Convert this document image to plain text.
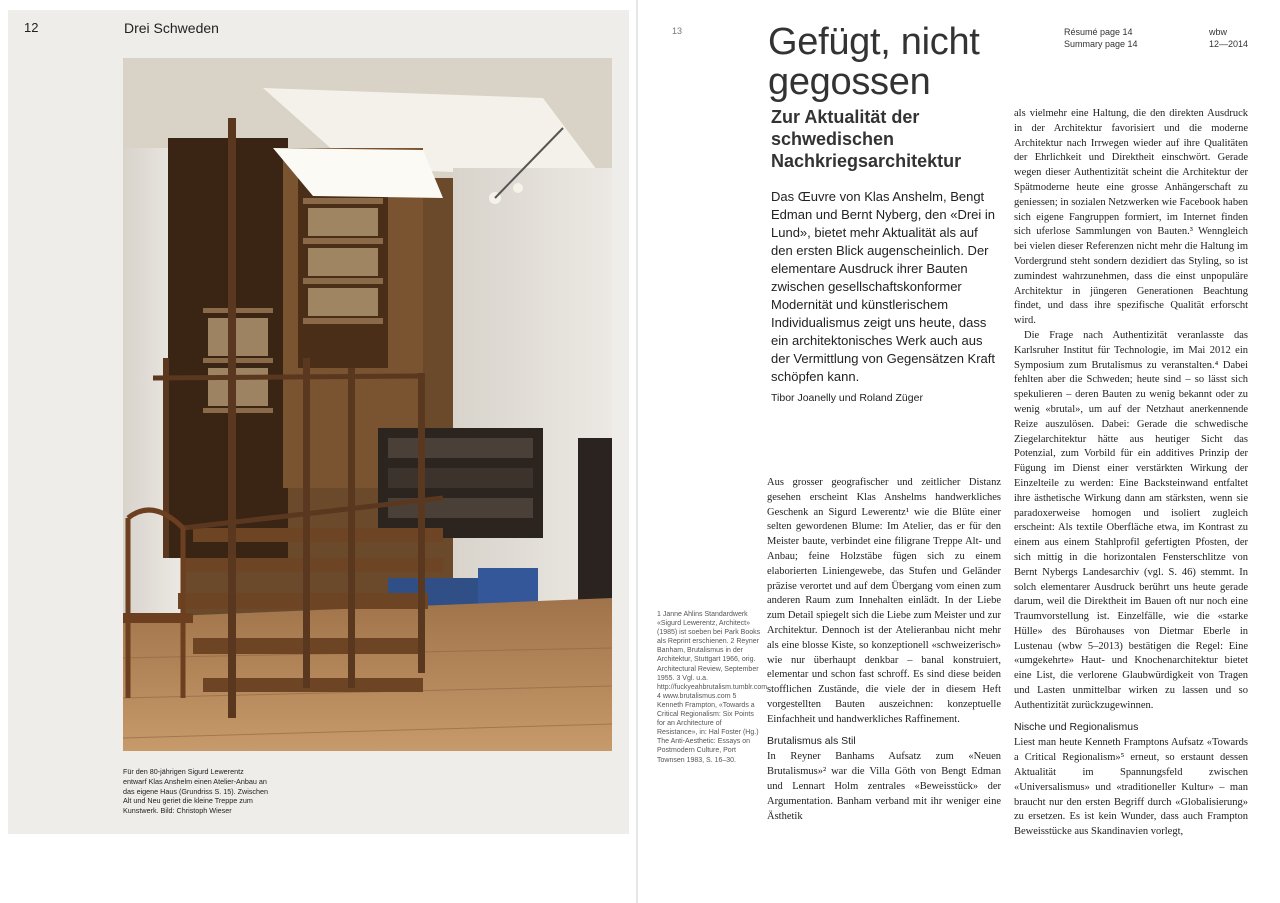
12	Drei Schweden
Für den 80-jährigen Sigurd Lewerentz entwarf Klas Anshelm einen Atelier-Anbau an das eigene Haus (Grundriss S. 15). Zwischen Alt und Neu geriet die kleine Treppe zum Kunstwerk. Bild: Christoph Wieser
13 Gefügt, nicht gegossen
Zur Aktualität der schwedischen Nachkriegsarchitektur
Das Œuvre von Klas Anshelm, Bengt Edman und Bernt Nyberg, den «Drei in Lund», bietet mehr Aktualität als auf den ersten Blick augenscheinlich. Der elementare Ausdruck ihrer Bauten zwischen gesellschaftskonformer Modernität und künstlerischem Individualismus zeigt uns heute, dass ein architektonisches Werk auch aus der Vermittlung von Gegensätzen Kraft schöpfen kann.
Tibor Joanelly und Roland Züger
Résumé page 14
Summary page 14
wbw
12—2014
1 Janne Ahlins Standardwerk «Sigurd Lewerentz, Architect» (1985) ist soeben bei Park Books als Reprint erschienen. 2 Reyner Banham, Brutalismus in der Architektur, Stuttgart 1966, orig. Architectural Review, September 1955. 3 Vgl. u.a. http://fuckyeahbrutalism.tumblr.com 4 www.brutalismus.com 5 Kenneth Frampton, «Towards a Critical Regionalism: Six Points for an Architecture of Resistance», in: Hal Foster (Hg.) The Anti-Aesthetic: Essays on Postmodern Culture, Port Townsen 1983, S. 16–30.

Aus grosser geografischer und zeitlicher Distanz gesehen erscheint Klas Anshelms handwerkliches Geschenk an Sigurd Lewerentz¹ wie die Blüte einer selten gewordenen Blume: Im Atelier, das er für den Meister baute, verbindet eine filigrane Treppe Alt- und Anbau; feine Holzstäbe fügen sich zu einem elaborierten Liniengewebe, das Stufen und Geländer präzise verortet und auf dem Übergang vom einen zum anderen Raum zum Innehalten einlädt. In der Liebe zum Detail spiegelt sich die Liebe zum Meister und zur Architektur. Dennoch ist der Atelieranbau nicht mehr als eine blosse Kiste, so konzeptionell «schweizerisch» wie nur überhaupt denkbar – banal konstruiert, elementar und schon fast schroff. Es sind diese beiden stofflichen Zustände, die viele der in diesem Heft vorgestellten Bauten auszeichnen: konzeptuelle Einfachheit und handwerkliches Raffinement.

Brutalismus als Stil

In Reyner Banhams Aufsatz zum «Neuen Brutalismus»² war die Villa Göth von Bengt Edman und Lennart Holm zentrales «Beweisstück» der Argumentation. Banham verband mit ihr weniger eine Ästhetik

als vielmehr eine Haltung, die den direkten Ausdruck in der Architektur favorisiert und die moderne Architektur nach Irrwegen wieder auf ihre Qualitäten der Ehrlichkeit und Direktheit einschwört. Gerade wegen dieser Authentizität scheint die Architektur der Spätmoderne heute eine grosse Anhängerschaft zu geniessen; in sozialen Netzwerken wie Facebook haben sich eigene Fangruppen formiert, im Internet finden sich uferlose Sammlungen von Bauten.³ Wenngleich bei vielen dieser Referenzen nicht mehr die Haltung im Vordergrund steht sondern dezidiert das Styling, so ist zumindest wahrzunehmen, dass die einst unpopuläre Architektur in jüngeren Generationen Beachtung findet, und dass ihre spezifische Qualität erforscht wird.

Die Frage nach Authentizität veranlasste das Karlsruher Institut für Technologie, im Mai 2012 ein Symposium zum Brutalismus zu veranstalten.⁴ Dabei fehlten aber die Schweden; heute sind – so lässt sich spekulieren – deren Bauten zu wenig bekannt oder zu wenig «brutal», um auf der Netzhaut anerkennende Reize auszulösen. Dabei: Gerade die schwedische Ziegelarchitektur hätte aus heutiger Sicht das Potenzial, zum Vorbild für ein additives Prinzip der Fügung im Dienst einer verstärkten Wirkung der Einzelteile zu werden: Eine Backsteinwand entfaltet ihre ästhetische Wirkung dann am stärksten, wenn sie paradoxerweise homogen und isoliert zugleich erscheint: Als textile Oberfläche etwa, im Kontrast zu einem aus einem Stahlprofil gefertigten Pfosten, der sich mittig in die horizontalen Fensterschlitze von Bernt Nybergs Landesarchiv (vgl. S. 46) stemmt. In solch elementarer Ausdruck berührt uns heute gerade darum, weil die Direktheit im Bauen oft nur noch eine Traumvorstellung ist. Einzelfälle, wie die «starke Hülle» des Bürohauses von Dietmar Eberle in Lustenau (wbw 5–2013) bestätigen die Regel: Eine «umgekehrte» Haut- und Knochenarchitektur bietet eine List, die verlorene Glaubwürdigkeit von Tragen und Lasten unmittelbar wirken zu lassen und so Authentizität zurückzugewinnen.

Nische und Regionalismus

Liest man heute Kenneth Framptons Aufsatz «Towards a Critical Regionalism»⁵ erneut, so erstaunt dessen Aktualität im Spannungsfeld zwischen «Universalismus» und «traditioneller Kultur» – man braucht nur den ersten Begriff durch «Globalisierung» zu ersetzen. Es ist kein Wunder, dass auch Frampton Beweisstücke aus Skandinavien vorlegt,
